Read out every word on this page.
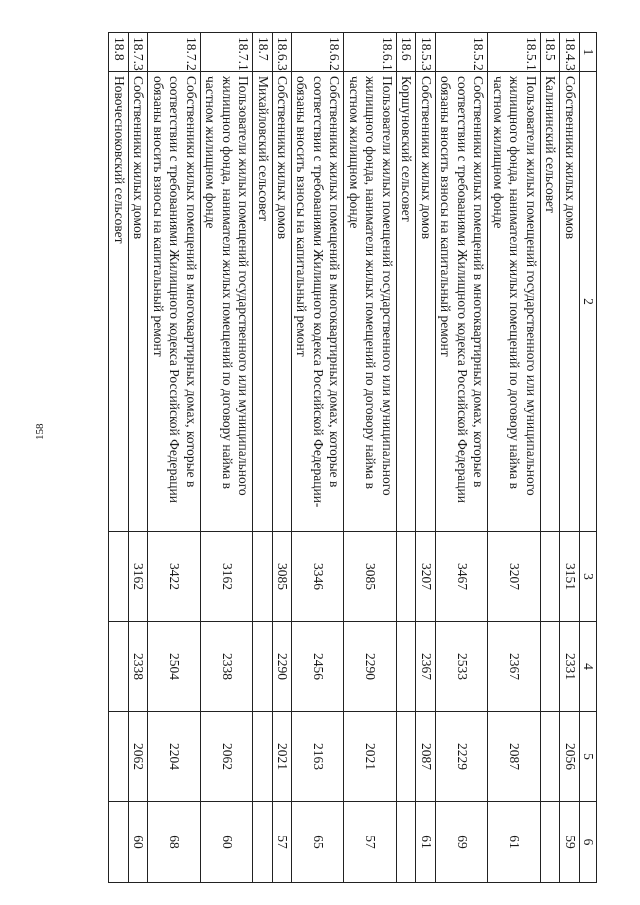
158
1	2	3	4	5	6
18.4.3	Собственники жилых домов	3151	2331	2056	59
18.5	Калининский сельсовет				
18.5.1	Пользователи жилых помещений государственного или муниципального жилищного фонда, наниматели жилых помещений по договору найма в частном жилищном фонде	3207	2367	2087	61
18.5.2	Собственники жилых помещений в многоквартирных домах, которые в соответствии с требованиями Жилищного кодекса Российской Федерации обязаны вносить взносы на капитальный ремонт	3467	2533	2229	69
18.5.3	Собственники жилых домов	3207	2367	2087	61
18.6	Коршуновский сельсовет				
18.6.1	Пользователи жилых помещений государственного или муниципального жилищного фонда, наниматели жилых помещений по договору найма в частном жилищном фонде	3085	2290	2021	57
18.6.2	Собственники жилых помещений в многоквартирных домах, которые в соответствии с требованиями Жилищного кодекса Российской Федерации-обязаны вносить взносы на капитальный ремонт	3346	2456	2163	65
18.6.3	Собственники жилых домов	3085	2290	2021	57
18.7	Михайловский сельсовет				
18.7.1	Пользователи жилых помещений государственного или муниципального жилищного фонда, наниматели жилых помещений по договору найма в частном жилищном фонде	3162	2338	2062	60
18.7.2	Собственники жилых помещений в многоквартирных домах, которые в соответствии с требованиями Жилищного кодекса Российской Федерации обязаны вносить взносы на капитальный ремонт	3422	2504	2204	68
18.7.3	Собственники жилых домов	3162	2338	2062	60
18.8	Новочесноковский сельсовет				
